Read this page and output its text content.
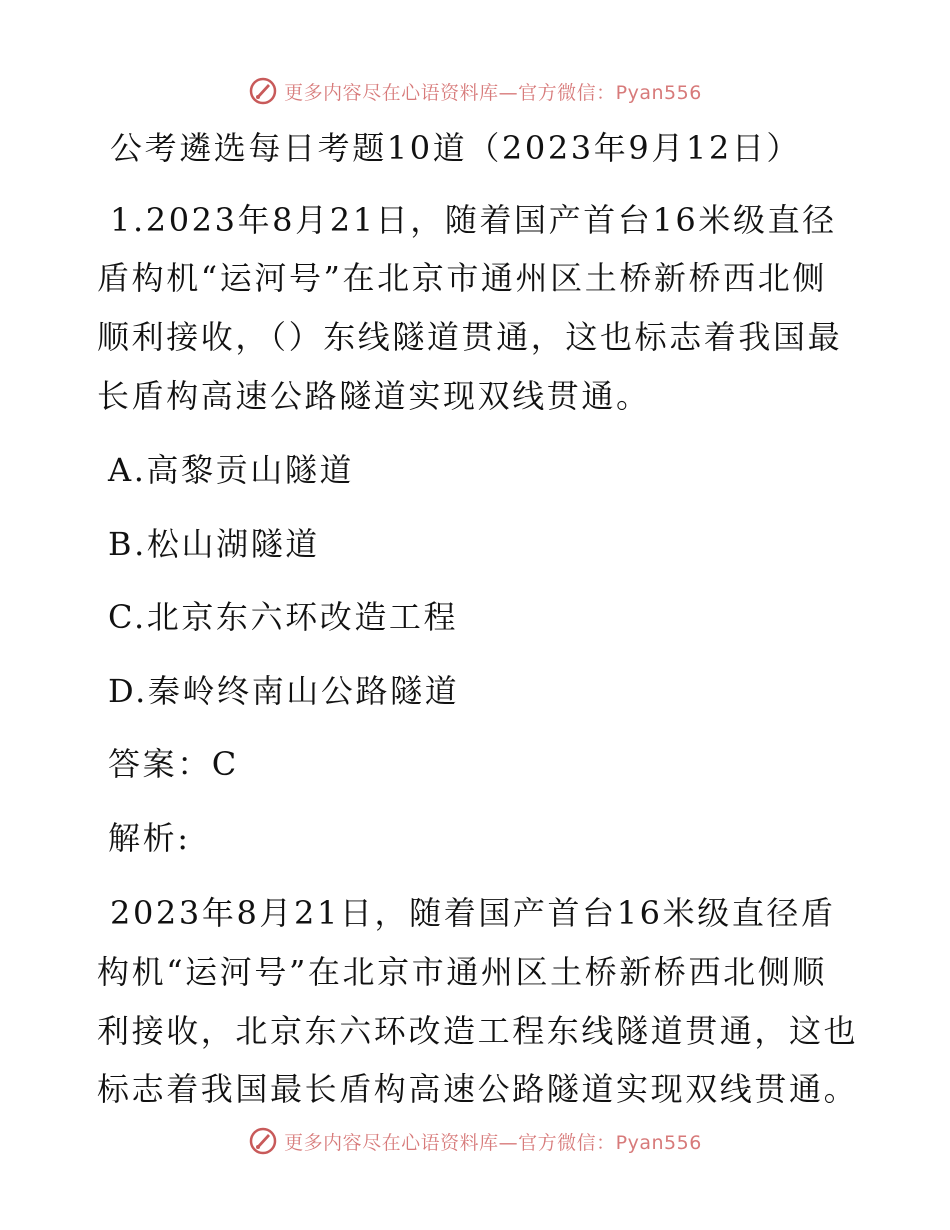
更多内容尽在心语资料库—官方微信：Pyan556
公考遴选每日考题10道（2023年9月12日）
1.2023年8月21日，随着国产首台16米级直径
盾构机“运河号”在北京市通州区土桥新桥西北侧
顺利接收，（）东线隧道贯通，这也标志着我国最
长盾构高速公路隧道实现双线贯通。
A.高黎贡山隧道
B.松山湖隧道
C.北京东六环改造工程
D.秦岭终南山公路隧道
答案：C
解析:
2023年8月21日，随着国产首台16米级直径盾
构机“运河号”在北京市通州区土桥新桥西北侧顺
利接收，北京东六环改造工程东线隧道贯通，这也
标志着我国最长盾构高速公路隧道实现双线贯通。
更多内容尽在心语资料库—官方微信：Pyan556
